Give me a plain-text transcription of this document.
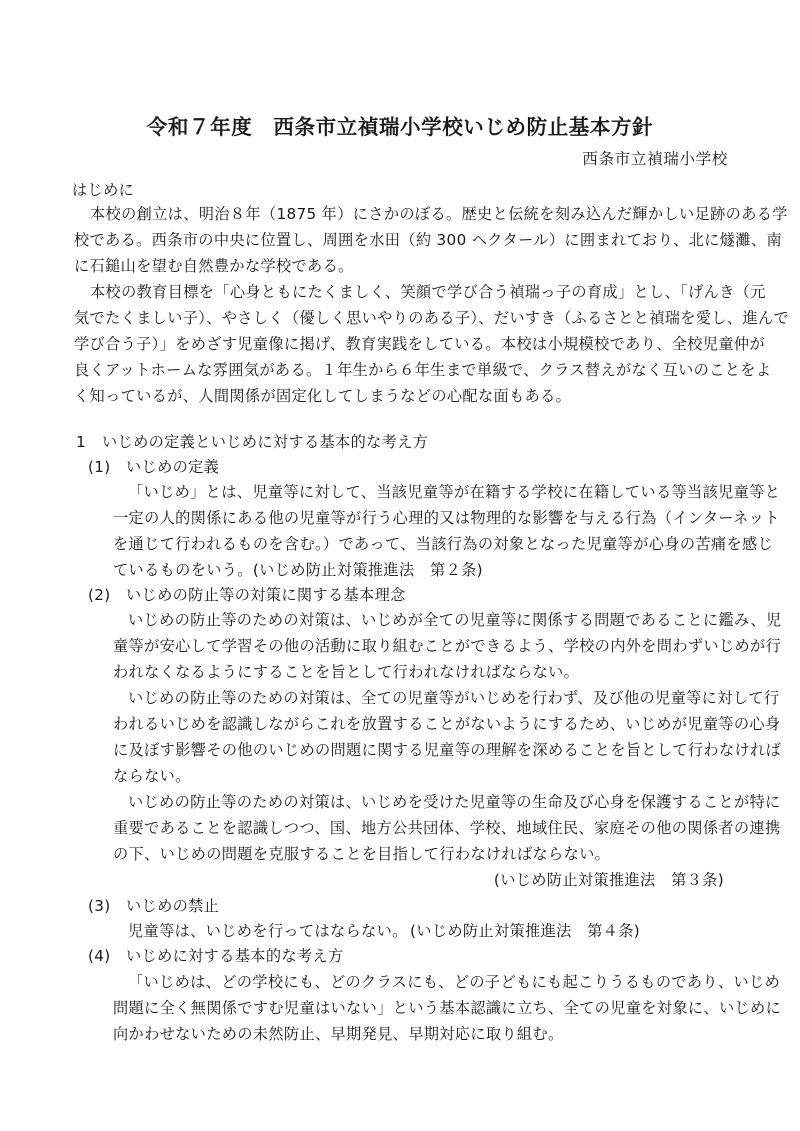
令和７年度　西条市立禎瑞小学校いじめ防止基本方針
西条市立禎瑞小学校
はじめに
本校の創立は、明治８年（1875 年）にさかのぼる。歴史と伝統を刻み込んだ輝かしい足跡のある学
校である。西条市の中央に位置し、周囲を水田（約 300 ヘクタール）に囲まれており、北に燧灘、南
に石鎚山を望む自然豊かな学校である。
本校の教育目標を「心身ともにたくましく、笑顔で学び合う禎瑞っ子の育成」とし、「げんき（元
気でたくましい子）、やさしく（優しく思いやりのある子）、だいすき（ふるさとと禎瑞を愛し、進んで
学び合う子）」をめざす児童像に掲げ、教育実践をしている。本校は小規模校であり、全校児童仲が
良くアットホームな雰囲気がある。１年生から６年生まで単級で、クラス替えがなく互いのことをよ
く知っているが、人間関係が固定化してしまうなどの心配な面もある。
1 いじめの定義といじめに対する基本的な考え方
(1) いじめの定義
「いじめ」とは、児童等に対して、当該児童等が在籍する学校に在籍している等当該児童等と
一定の人的関係にある他の児童等が行う心理的又は物理的な影響を与える行為（インターネット
を通じて行われるものを含む。）であって、当該行為の対象となった児童等が心身の苦痛を感じ
ているものをいう。(いじめ防止対策推進法　第２条)
(2) いじめの防止等の対策に関する基本理念
いじめの防止等のための対策は、いじめが全ての児童等に関係する問題であることに鑑み、児
童等が安心して学習その他の活動に取り組むことができるよう、学校の内外を問わずいじめが行
われなくなるようにすることを旨として行われなければならない。
いじめの防止等のための対策は、全ての児童等がいじめを行わず、及び他の児童等に対して行
われるいじめを認識しながらこれを放置することがないようにするため、いじめが児童等の心身
に及ぼす影響その他のいじめの問題に関する児童等の理解を深めることを旨として行わなければ
ならない。
いじめの防止等のための対策は、いじめを受けた児童等の生命及び心身を保護することが特に
重要であることを認識しつつ、国、地方公共団体、学校、地域住民、家庭その他の関係者の連携
の下、いじめの問題を克服することを目指して行わなければならない。
(いじめ防止対策推進法　第３条)
(3) いじめの禁止
児童等は、いじめを行ってはならない。 (いじめ防止対策推進法　第４条)
(4) いじめに対する基本的な考え方
「いじめは、どの学校にも、どのクラスにも、どの子どもにも起こりうるものであり、いじめ
問題に全く無関係ですむ児童はいない」という基本認識に立ち、全ての児童を対象に、いじめに
向かわせないための未然防止、早期発見、早期対応に取り組む。
